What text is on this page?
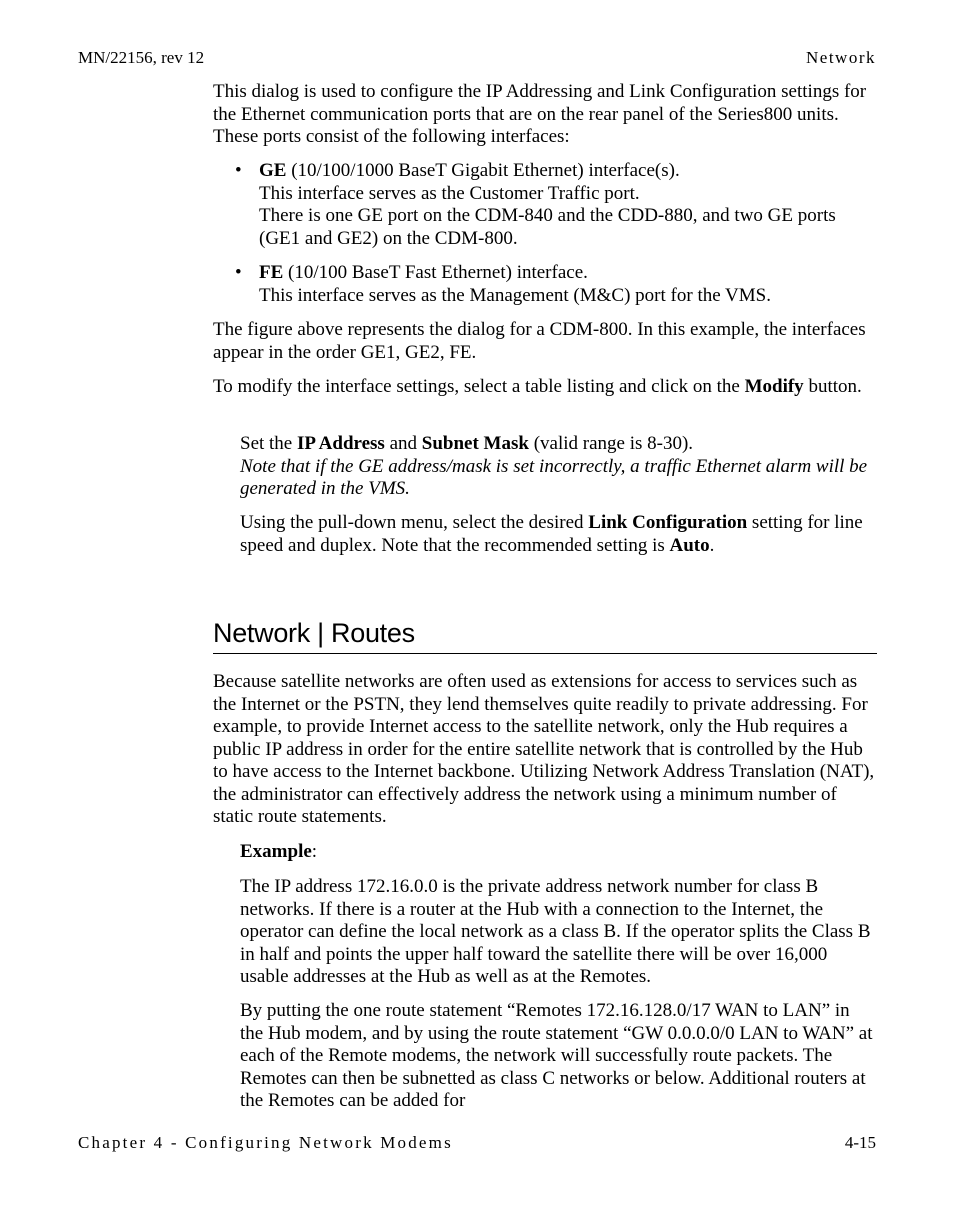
MN/22156, rev 12	Network
This dialog is used to configure the IP Addressing and Link Configuration settings for the Ethernet communication ports that are on the rear panel of the Series800 units. These ports consist of the following interfaces:
• GE (10/100/1000 BaseT Gigabit Ethernet) interface(s).
This interface serves as the Customer Traffic port.
There is one GE port on the CDM-840 and the CDD-880, and two GE ports (GE1 and GE2) on the CDM-800.
• FE (10/100 BaseT Fast Ethernet) interface.
This interface serves as the Management (M&C) port for the VMS.
The figure above represents the dialog for a CDM-800. In this example, the interfaces appear in the order GE1, GE2, FE.
To modify the interface settings, select a table listing and click on the Modify button.
Set the IP Address and Subnet Mask (valid range is 8-30).
Note that if the GE address/mask is set incorrectly, a traffic Ethernet alarm will be generated in the VMS.
Using the pull-down menu, select the desired Link Configuration setting for line speed and duplex. Note that the recommended setting is Auto.
Network | Routes
Because satellite networks are often used as extensions for access to services such as the Internet or the PSTN, they lend themselves quite readily to private addressing. For example, to provide Internet access to the satellite network, only the Hub requires a public IP address in order for the entire satellite network that is controlled by the Hub to have access to the Internet backbone. Utilizing Network Address Translation (NAT), the administrator can effectively address the network using a minimum number of static route statements.
Example:
The IP address 172.16.0.0 is the private address network number for class B networks. If there is a router at the Hub with a connection to the Internet, the operator can define the local network as a class B. If the operator splits the Class B in half and points the upper half toward the satellite there will be over 16,000 usable addresses at the Hub as well as at the Remotes.
By putting the one route statement “Remotes 172.16.128.0/17 WAN to LAN” in the Hub modem, and by using the route statement “GW 0.0.0.0/0 LAN to WAN” at each of the Remote modems, the network will successfully route packets. The Remotes can then be subnetted as class C networks or below. Additional routers at the Remotes can be added for
Chapter 4 - Configuring Network Modems	4-15
